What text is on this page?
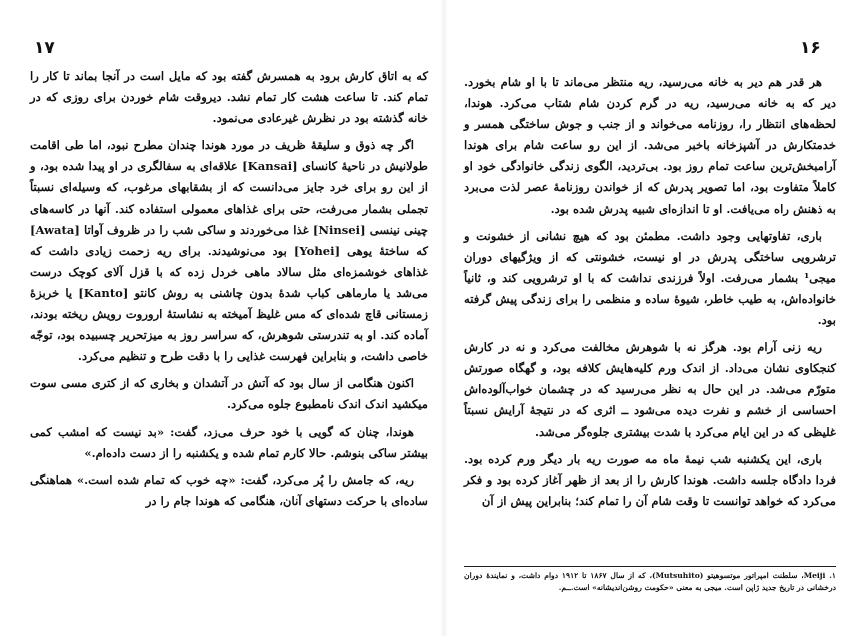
۱۷	۱۶

که به اتاق کارش برود به همسرش گفته بود که مایل است در آنجا بماند تا کار را تمام کند. تا ساعت هشت کار تمام نشد. دیروقت شام خوردن برای روزی که در خانه گذشته بود در نظرش غیرعادی می‌نمود.

اگر چه ذوق و سلیقهٔ ظریف در مورد هوندا چندان مطرح نبود، اما طی اقامت طولانیش در ناحیهٔ کانسای [Kansai] علاقه‌ای به سفالگری در او پیدا شده بود، و از این رو برای خرد جایز می‌دانست که از بشقابهای مرغوب، که وسیله‌ای نسبتاً تجملی بشمار می‌رفت، حتی برای غذاهای معمولی استفاده کند. آنها در کاسه‌های چینی نینسی [Ninsei] غذا می‌خوردند و ساکی شب را در ظروف آواتا [Awata] که ساختهٔ یوهی [Yohei] بود می‌نوشیدند. برای ریه زحمت زیادی داشت که غذاهای خوشمزه‌ای مثل سالاد ماهی خردل زده که با قزل آلای کوچک درست می‌شد یا مارماهی کباب شدهٔ بدون چاشنی به روش کانتو [Kanto] یا خربزهٔ زمستانی قاچ شده‌ای که مس غلیظ آمیخته به نشاستهٔ اروروت رویش ریخته بودند، آماده کند. او به تندرستی شوهرش، که سراسر روز به میزتحریر چسبیده بود، توجّه خاصی داشت، و بنابراین فهرست غذایی را با دقت طرح و تنظیم می‌کرد.

اکنون هنگامی از سال بود که آتش در آتشدان و بخاری که از کتری مسی سوت میکشید اندک اندک نامطبوع جلوه می‌کرد.

هوندا، چنان که گویی با خود حرف می‌زد، گفت: «بد نیست که امشب کمی بیشتر ساکی بنوشم. حالا کارم تمام شده و یکشنبه را از دست داده‌ام.»

ریه، که جامش را پُر می‌کرد، گفت: «چه خوب که تمام شده است.» هماهنگی ساده‌ای با حرکت دستهای آنان، هنگامی که هوندا جام را در

هر قدر هم دیر به خانه می‌رسید، ریه منتظر می‌ماند تا با او شام بخورد. دیر که به خانه می‌رسید، ریه در گرم کردن شام شتاب می‌کرد. هوندا، لحظه‌های انتظار را، روزنامه می‌خواند و از جنب و جوش ساختگی همسر و خدمتکارش در آشپزخانه باخبر می‌شد. از این رو ساعت شام برای هوندا آرامبخش‌ترین ساعت تمام روز بود. بی‌تردید، الگوی زندگی خانوادگی خود او کاملاً متفاوت بود، اما تصویر پدرش که از خواندن روزنامهٔ عصر لذت می‌برد به ذهنش راه می‌یافت. او تا اندازه‌ای شبیه پدرش شده بود.

باری، تفاوتهایی وجود داشت. مطمئن بود که هیچ نشانی از خشونت و ترشرویی ساختگی پدرش در او نیست، خشونتی که از ویژگیهای دوران میجی¹ بشمار می‌رفت. اولاً فرزندی نداشت که با او ترشرویی کند و، ثانیاً خانواده‌اش، به طیب خاطر، شیوهٔ ساده و منظمی را برای زندگی پیش گرفته بود.

ریه زنی آرام بود. هرگز نه با شوهرش مخالفت می‌کرد و نه در کارش کنجکاوی نشان می‌داد. از اندک ورم کلیه‌هایش کلافه بود، و گهگاه صورتش متورّم می‌شد. در این حال به نظر می‌رسید که در چشمان خواب‌آلوده‌اش احساسی از خشم و نفرت دیده می‌شود ــ اثری که در نتیجهٔ آرایش نسبتاً غلیظی که در این ایام می‌کرد با شدت بیشتری جلوه‌گر می‌شد.

باری، این یکشنبه شب نیمهٔ ماه مه صورت ریه بار دیگر ورم کرده بود. فردا دادگاه جلسه داشت. هوندا کارش را از بعد از ظهر آغاز کرده بود و فکر می‌کرد که خواهد توانست تا وقت شام آن را تمام کند؛ بنابراین پیش از آن

۱. Meiji، سلطنت امپراتور موتسوهیتو (Mutsuhito)، که از سال ۱۸۶۷ تا ۱۹۱۲ دوام داشت، و نمایندهٔ دوران درخشانی در تاریخ جدید ژاپن است. میجی به معنی «حکومت روشن‌اندیشانه» است.ــم.
